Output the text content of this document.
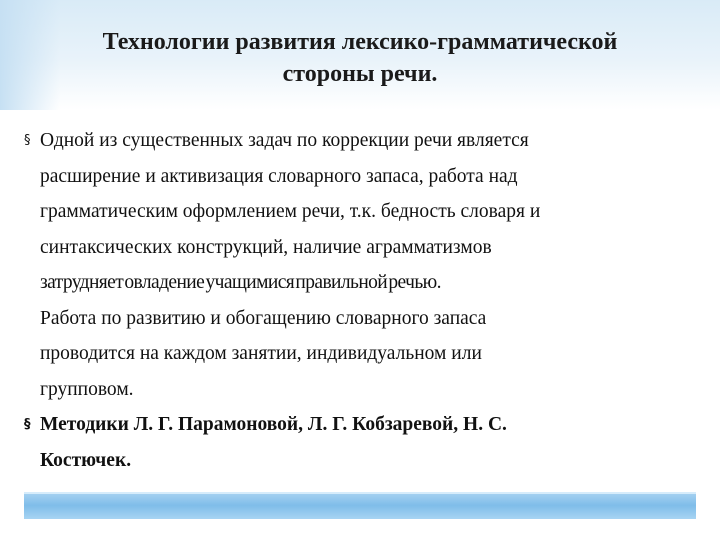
Технологии развития лексико-грамматической
стороны речи.
§ Одной из существенных задач по коррекции речи является
расширение и активизация словарного запаса, работа над
грамматическим оформлением речи, т.к. бедность словаря и
синтаксических конструкций, наличие аграмматизмов
затрудняет овладение учащимися правильной речью.
Работа по развитию и обогащению словарного запаса
проводится на каждом занятии, индивидуальном или
групповом.
§ Методики Л. Г. Парамоновой, Л. Г. Кобзаревой, Н. С.
Костючек.
